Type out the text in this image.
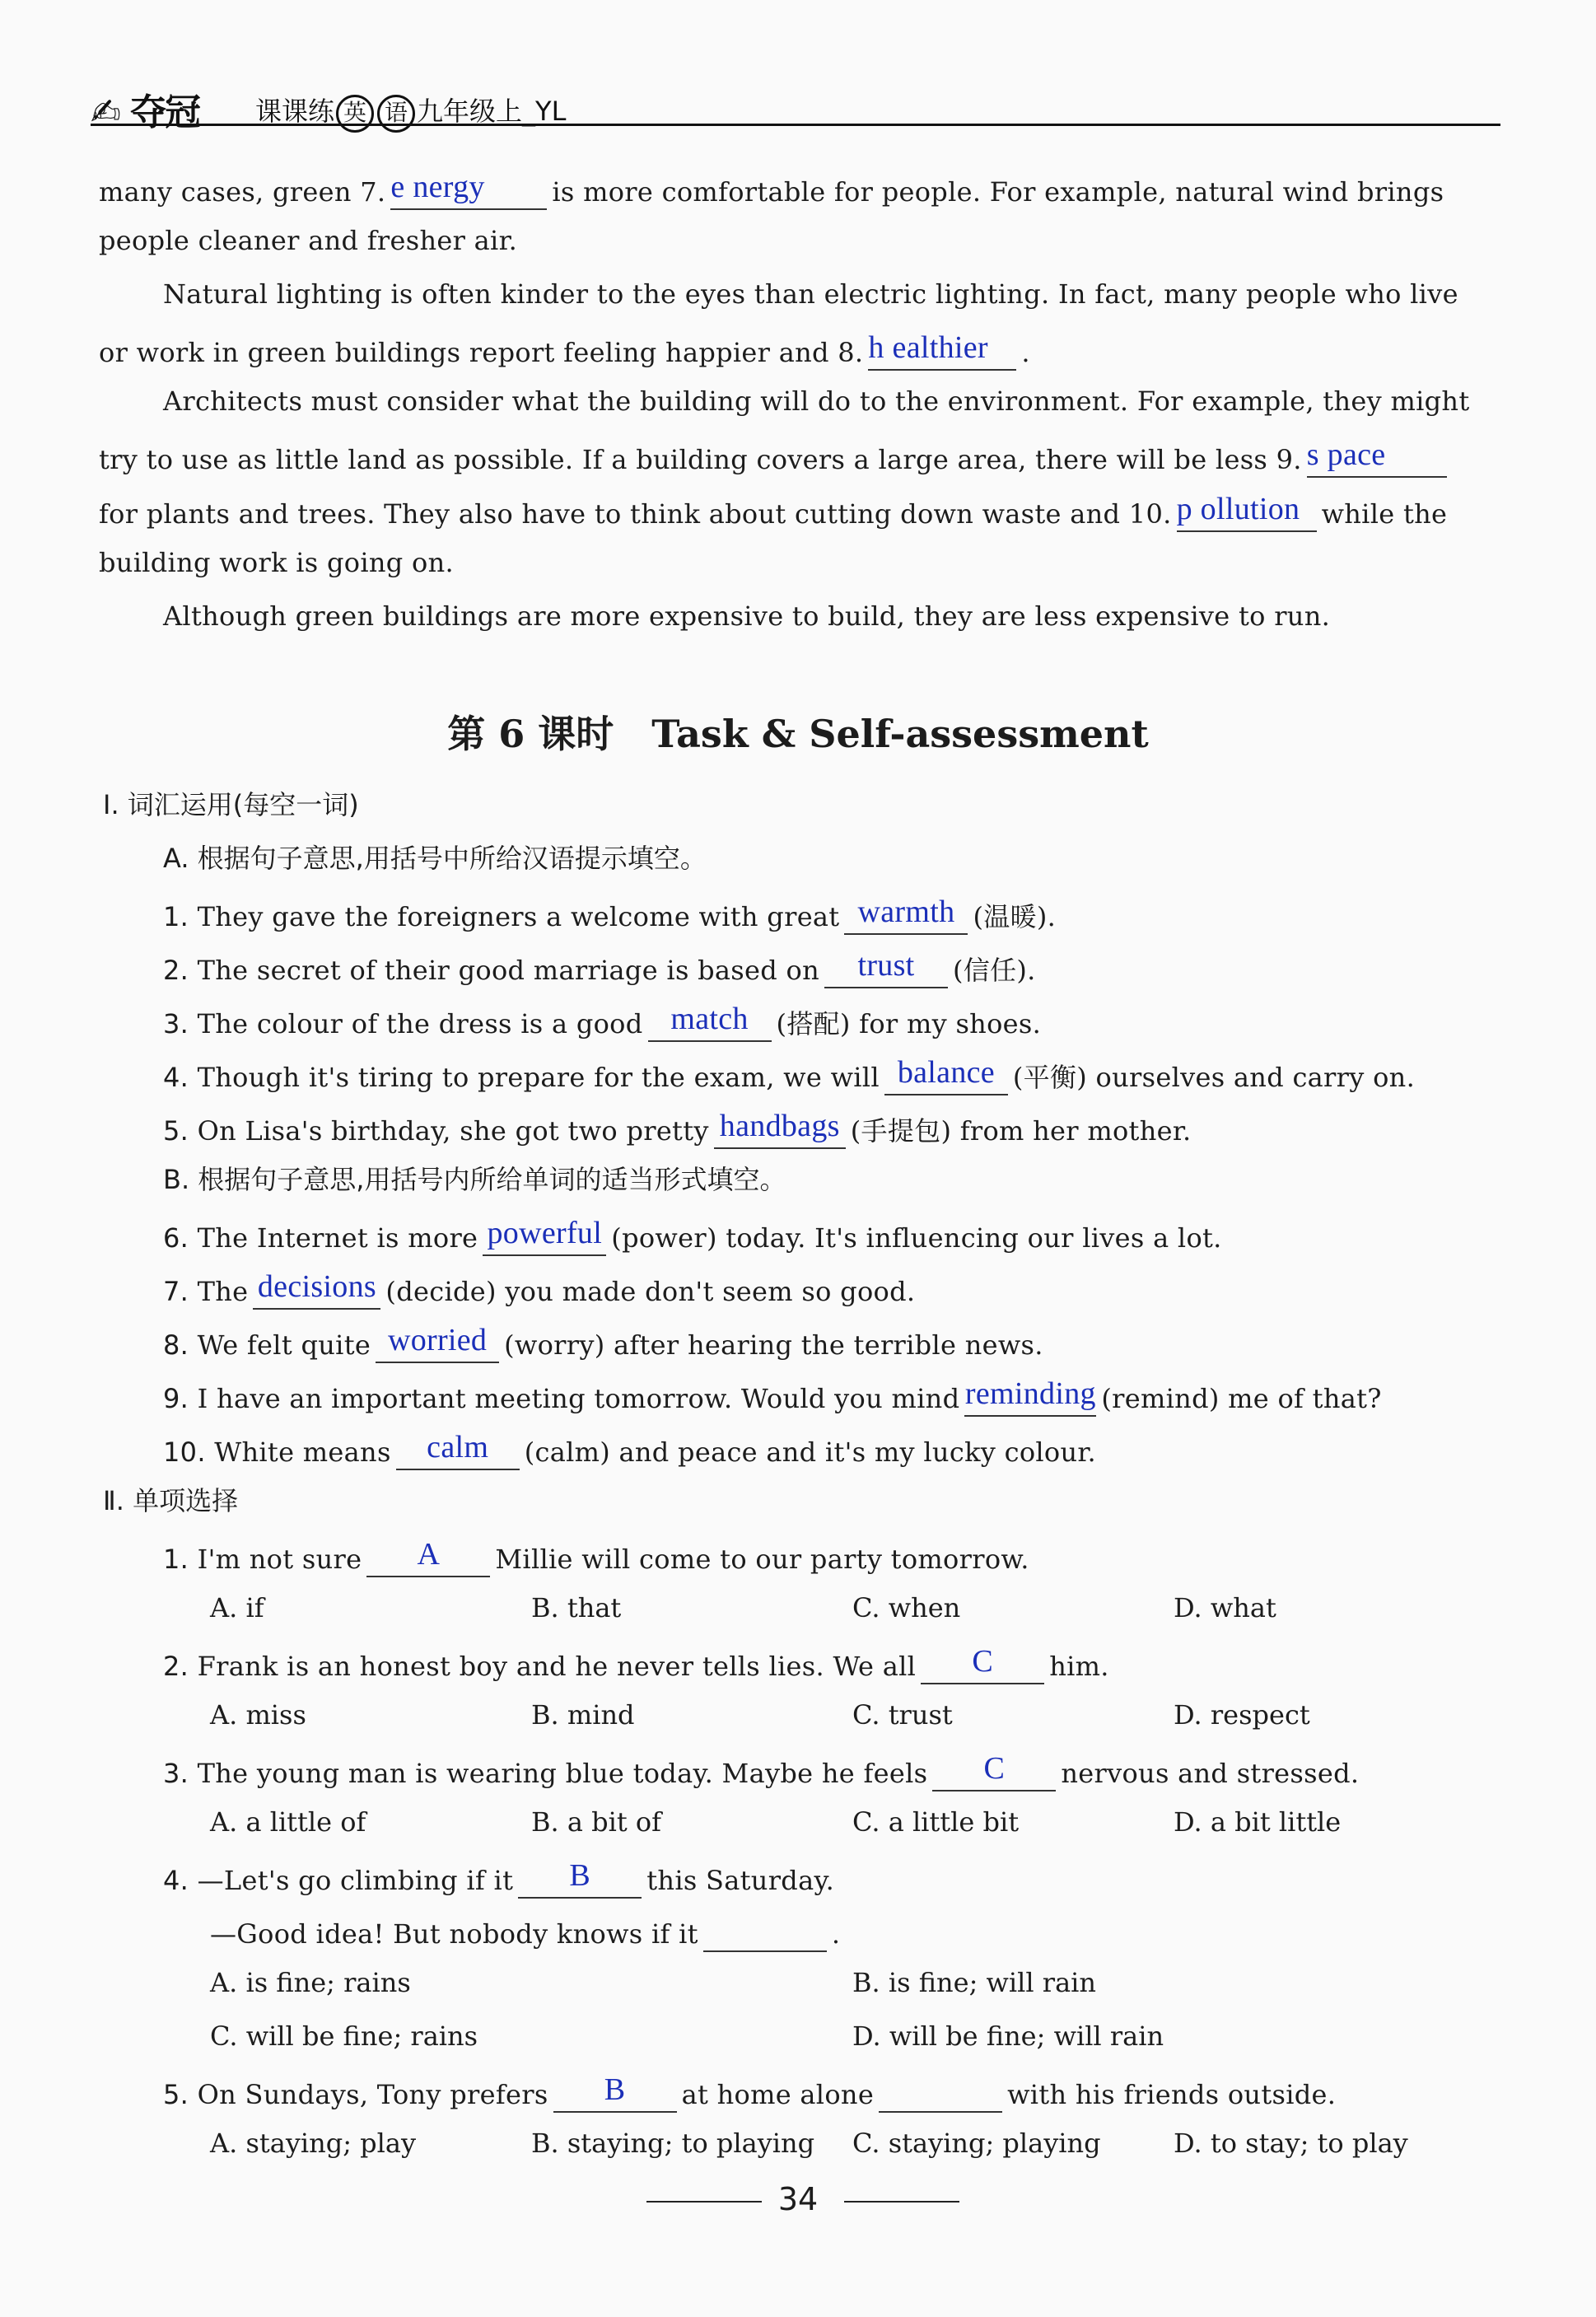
✍ 夺冠 课课练 英 语 九年级上_YL
many cases, green 7. e nergy	is more comfortable for people. For example, natural wind brings
people cleaner and fresher air.
Natural lighting is often kinder to the eyes than electric lighting. In fact, many people who live
or work in green buildings report feeling happier and 8. h ealthier	.
Architects must consider what the building will do to the environment. For example, they might
try to use as little land as possible. If a building covers a large area, there will be less 9. s pace
for plants and trees. They also have to think about cutting down waste and 10. p ollution while the
building work is going on.
Although green buildings are more expensive to build, they are less expensive to run.
第 6 课时　Task & Self-assessment
Ⅰ. 词汇运用(每空一词)
A. 根据句子意思,用括号中所给汉语提示填空。
1. They gave the foreigners a welcome with great warmth (温暖).
2. The secret of their good marriage is based on	trust	(信任).
3. The colour of the dress is a good match	(搭配) for my shoes.
4. Though it's tiring to prepare for the exam, we will balance (平衡) ourselves and carry on.
5. On Lisa's birthday, she got two pretty handbags (手提包) from her mother.
B. 根据句子意思,用括号内所给单词的适当形式填空。
6. The Internet is more powerful (power) today. It's influencing our lives a lot.
7. The decisions (decide) you made don't seem so good.
8. We felt quite worried (worry) after hearing the terrible news.
9. I have an important meeting tomorrow. Would you mind reminding (remind) me of that?
10. White means	calm	(calm) and peace and it's my lucky colour.
Ⅱ. 单项选择
1. I'm not sure	A	Millie will come to our party tomorrow.
A. if	B. that	C. when	D. what
2. Frank is an honest boy and he never tells lies. We all	C	him.
A. miss	B. mind	C. trust	D. respect
3. The young man is wearing blue today. Maybe he feels	C	nervous and stressed.
A. a little of	B. a bit of	C. a little bit	D. a bit little
4. —Let's go climbing if it	B	this Saturday.
—Good idea! But nobody knows if it	.
A. is fine; rains	B. is fine; will rain
C. will be fine; rains	D. will be fine; will rain
5. On Sundays, Tony prefers	B	at home alone	with his friends outside.
A. staying; play	B. staying; to playing C. staying; playing	D. to stay; to play
34
